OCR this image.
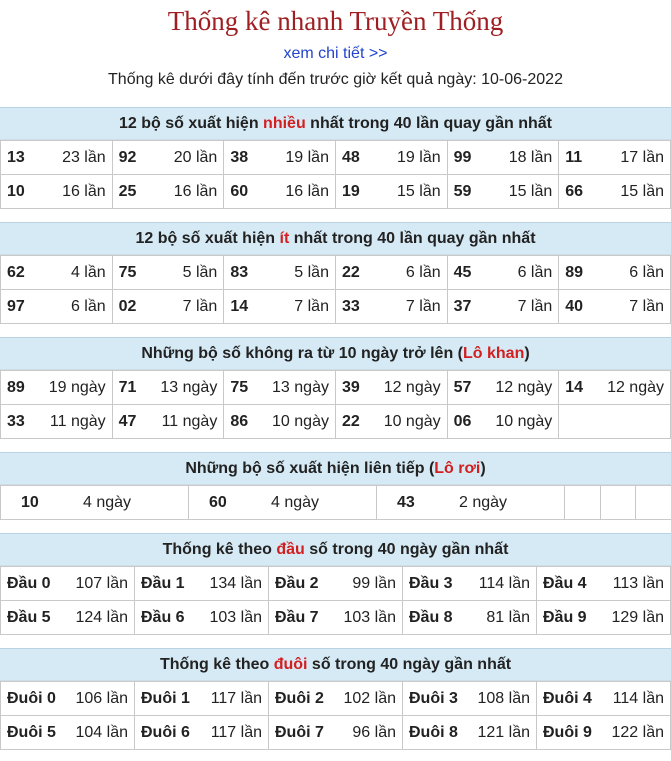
Thống kê nhanh Truyền Thống
xem chi tiết >>
Thống kê dưới đây tính đến trước giờ kết quả ngày: 10-06-2022
12 bộ số xuất hiện nhiều nhất trong 40 lần quay gần nhất
13 23 lần	92 20 lần	38 19 lần	48 19 lần	99 18 lần	11 17 lần

10 16 lần	25 16 lần	60 16 lần	19 15 lần	59 15 lần	66 15 lần
12 bộ số xuất hiện ít nhất trong 40 lần quay gần nhất
62 4 lần	75 5 lần	83 5 lần	22 6 lần	45 6 lần	89 6 lần

97 6 lần	02 7 lần	14 7 lần	33 7 lần	37 7 lần	40 7 lần
Những bộ số không ra từ 10 ngày trở lên (Lô khan)
89 19 ngày	71 13 ngày	75 13 ngày	39 12 ngày	57 12 ngày	14 12 ngày

33 11 ngày	47 11 ngày	86 10 ngày	22 10 ngày	06 10 ngày	

Những bộ số xuất hiện liên tiếp (Lô rơi)
10	4 ngày	60	4 ngày	43	2 ngày			
Thống kê theo đầu số trong 40 ngày gần nhất
Đầu 0 107 lần	Đầu 1 134 lần	Đầu 2 99 lần	Đầu 3 114 lần	Đầu 4 113 lần

Đầu 5 124 lần	Đầu 6 103 lần	Đầu 7 103 lần	Đầu 8 81 lần	Đầu 9 129 lần
Thống kê theo đuôi số trong 40 ngày gần nhất
Đuôi 0 106 lần	Đuôi 1 117 lần	Đuôi 2 102 lần	Đuôi 3 108 lần	Đuôi 4 114 lần

Đuôi 5 104 lần	Đuôi 6 117 lần	Đuôi 7 96 lần	Đuôi 8 121 lần	Đuôi 9 122 lần
